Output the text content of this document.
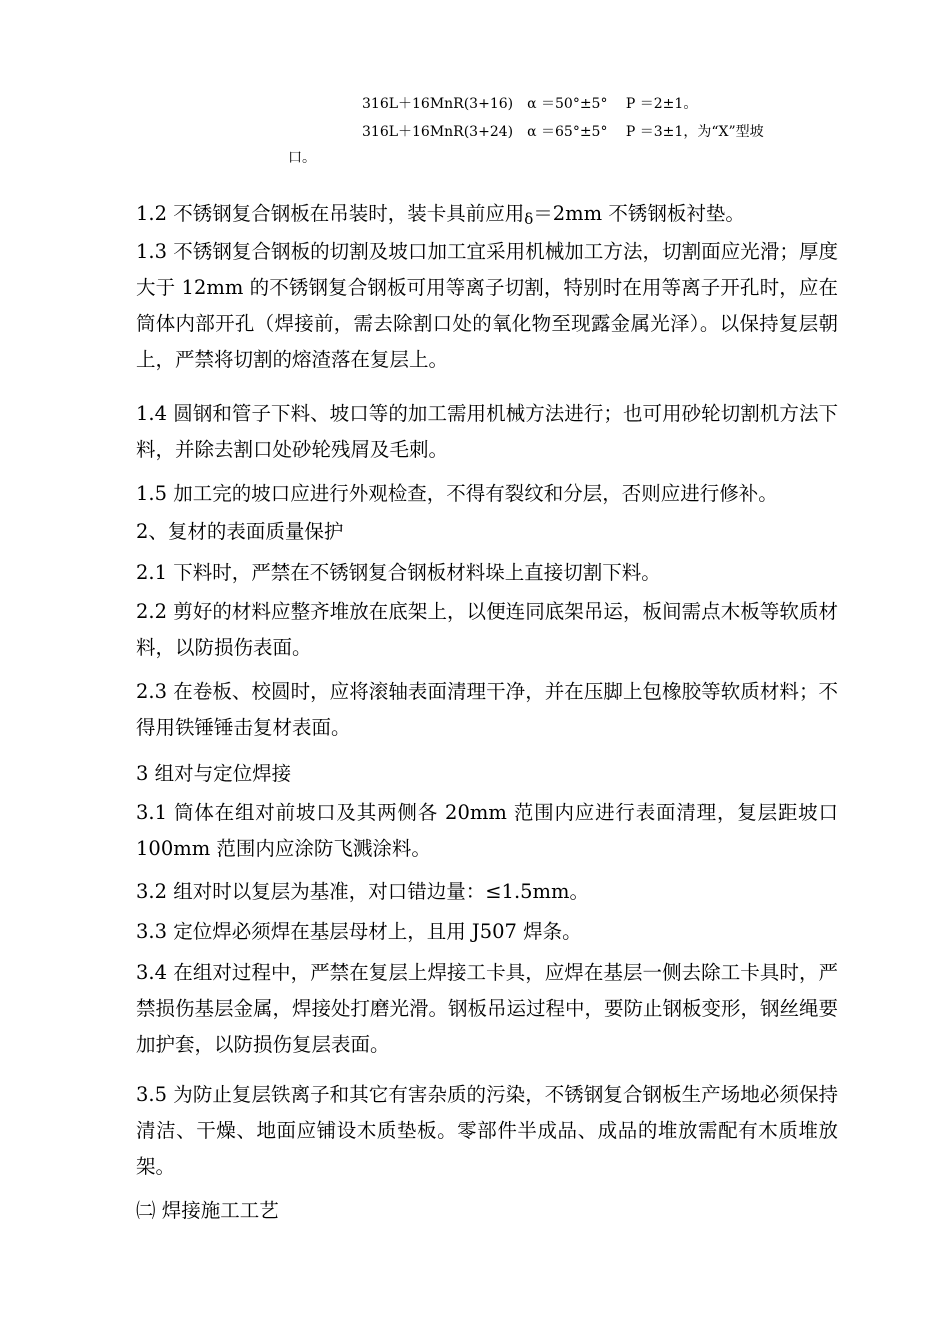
316L＋16MnR(3+16)　α ＝50°±5°　 P ＝2±1。
316L＋16MnR(3+24)　α ＝65°±5°　 P ＝3±1，为“X”型坡
口。
1.2 不锈钢复合钢板在吊装时，装卡具前应用$_\delta$＝2mm 不锈钢板衬垫。
1.3 不锈钢复合钢板的切割及坡口加工宜采用机械加工方法，切割面应光滑；厚度大于 12mm 的不锈钢复合钢板可用等离子切割，特别时在用等离子开孔时，应在筒体内部开孔（焊接前，需去除割口处的氧化物至现露金属光泽）。以保持复层朝上，严禁将切割的熔渣落在复层上。
1.4 圆钢和管子下料、坡口等的加工需用机械方法进行；也可用砂轮切割机方法下料，并除去割口处砂轮残屑及毛刺。
1.5 加工完的坡口应进行外观检查，不得有裂纹和分层，否则应进行修补。
2、复材的表面质量保护
2.1 下料时，严禁在不锈钢复合钢板材料垛上直接切割下料。
2.2 剪好的材料应整齐堆放在底架上，以便连同底架吊运，板间需点木板等软质材料，以防损伤表面。
2.3 在卷板、校圆时，应将滚轴表面清理干净，并在压脚上包橡胶等软质材料；不得用铁锤锤击复材表面。
3 组对与定位焊接
3.1 筒体在组对前坡口及其两侧各 20mm 范围内应进行表面清理，复层距坡口 100mm 范围内应涂防飞溅涂料。
3.2 组对时以复层为基准，对口错边量：≤1.5mm。
3.3 定位焊必须焊在基层母材上，且用 J507 焊条。
3.4 在组对过程中，严禁在复层上焊接工卡具，应焊在基层一侧去除工卡具时，严禁损伤基层金属，焊接处打磨光滑。钢板吊运过程中，要防止钢板变形，钢丝绳要加护套，以防损伤复层表面。
3.5 为防止复层铁离子和其它有害杂质的污染，不锈钢复合钢板生产场地必须保持清洁、干燥、地面应铺设木质垫板。零部件半成品、成品的堆放需配有木质堆放架。
㈡ 焊接施工工艺
